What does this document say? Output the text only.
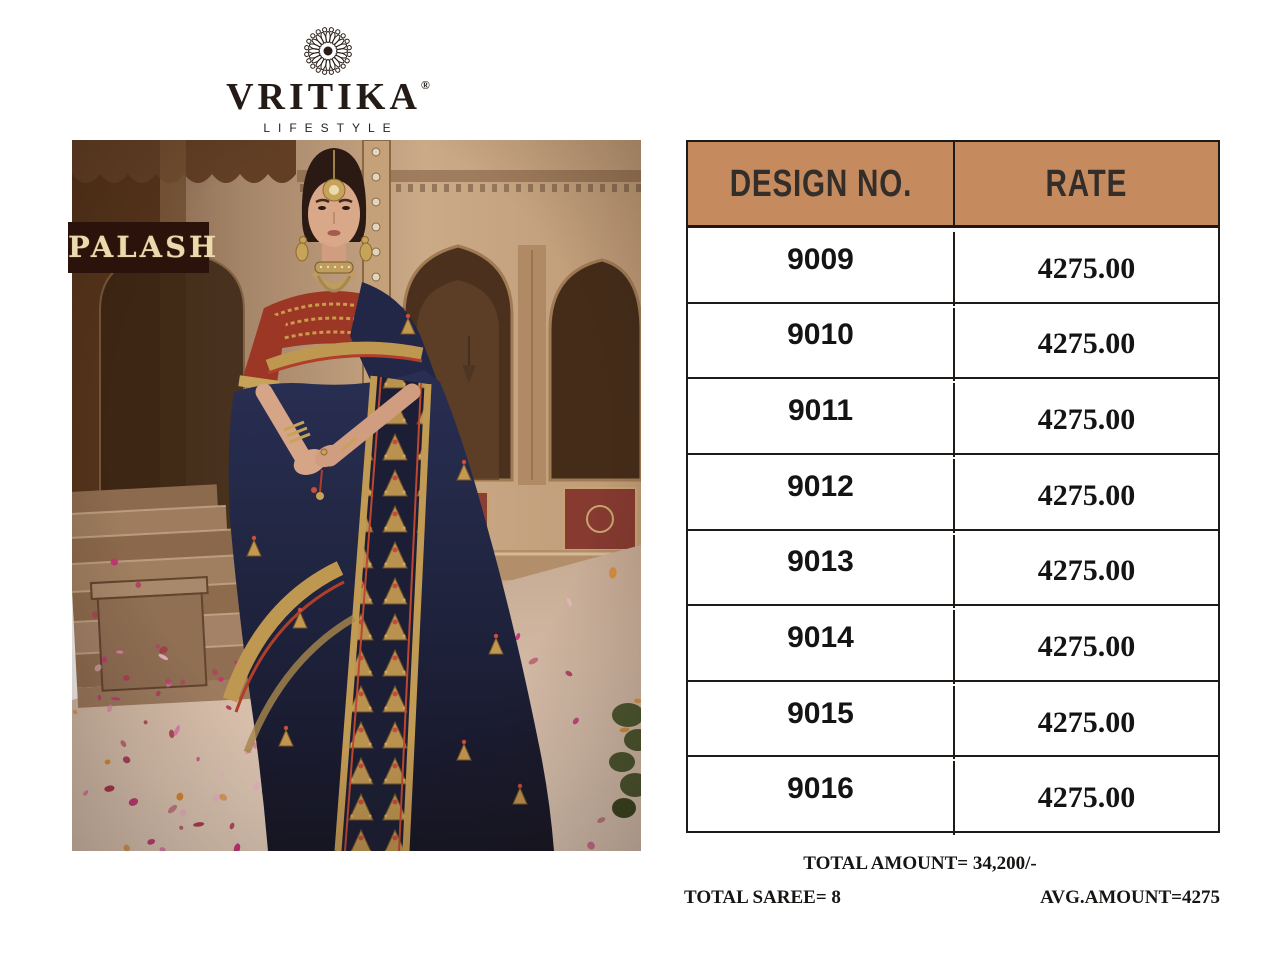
VRITIKA®
LIFESTYLE
PALASH
DESIGN NO.	RATE
9009	4275.00
9010	4275.00
9011	4275.00
9012	4275.00
9013	4275.00
9014	4275.00
9015	4275.00
9016	4275.00
TOTAL AMOUNT= 34,200/-
TOTAL SAREE= 8	AVG.AMOUNT=4275
